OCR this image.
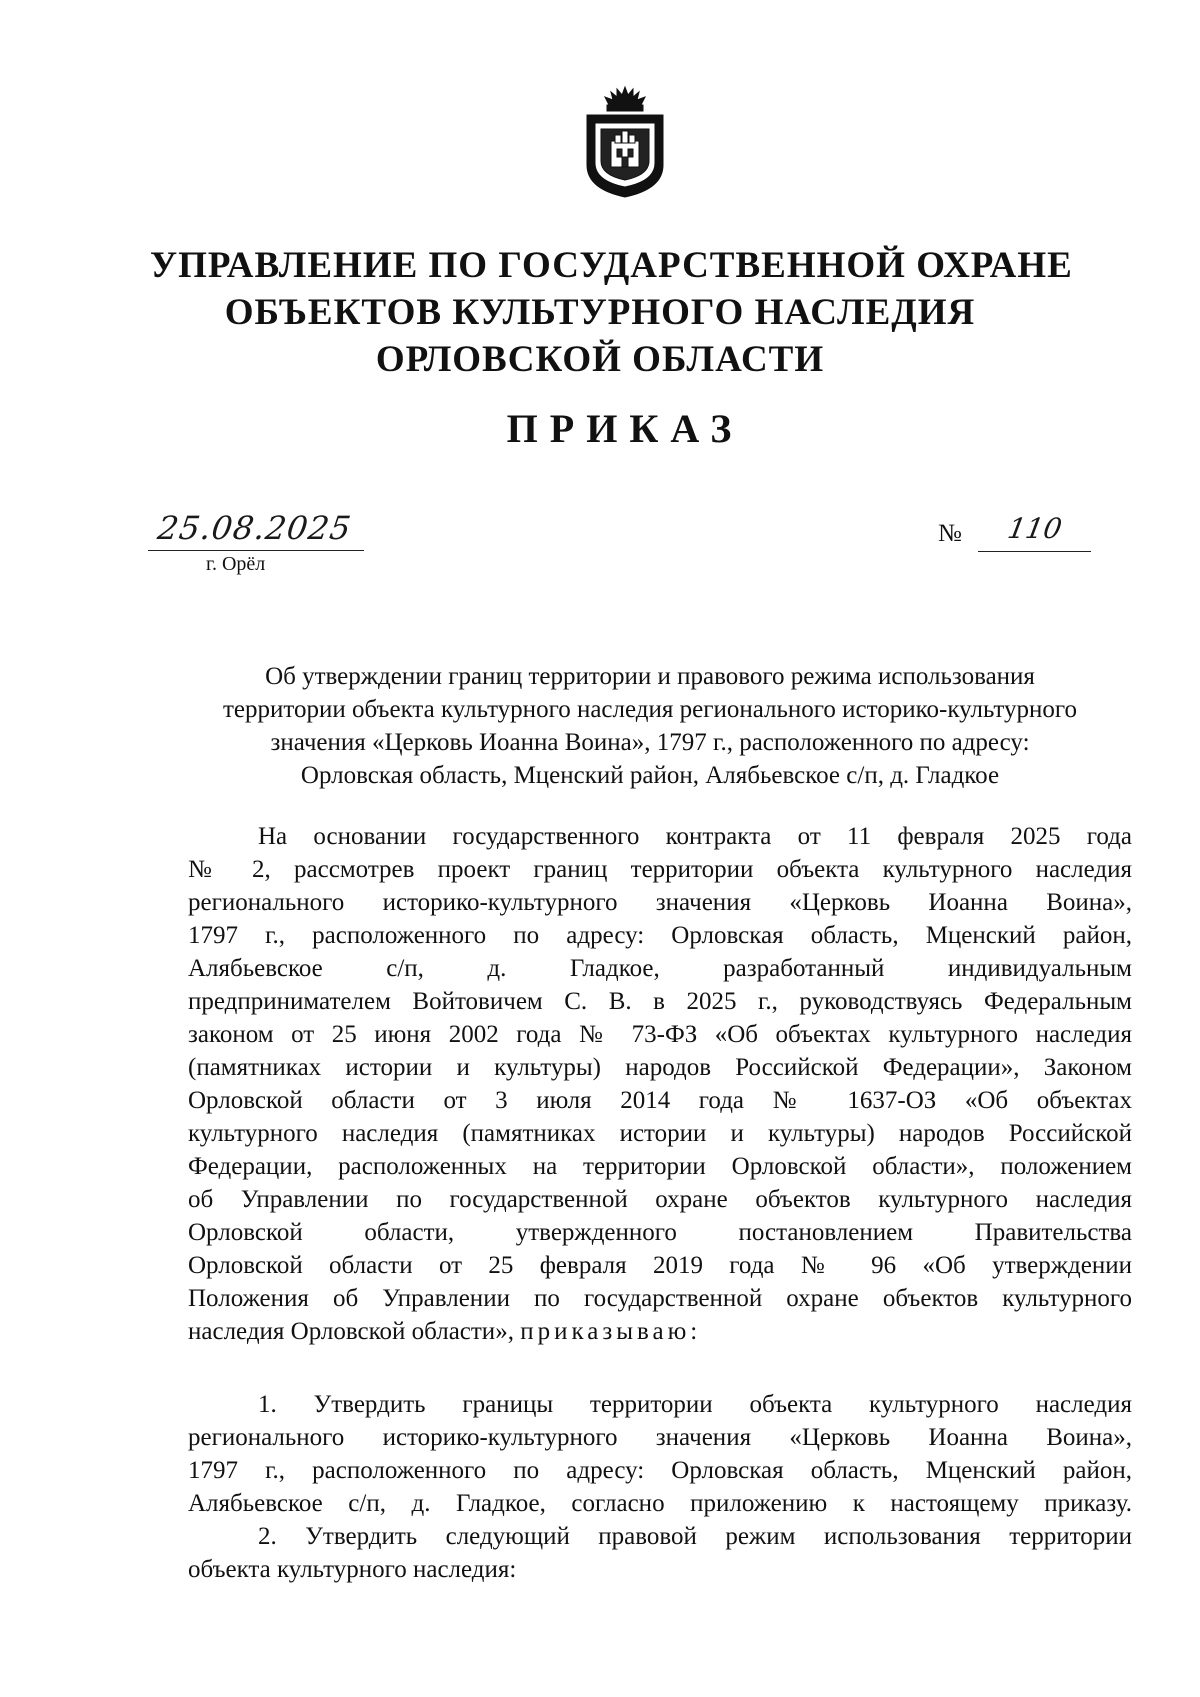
УПРАВЛЕНИЕ ПО ГОСУДАРСТВЕННОЙ ОХРАНЕ
ОБЪЕКТОВ КУЛЬТУРНОГО НАСЛЕДИЯ
ОРЛОВСКОЙ ОБЛАСТИ
ПРИКАЗ
25.08.2025
г. Орёл
№ 110
Об утверждении границ территории и правового режима использования
территории объекта культурного наследия регионального историко-культурного
значения «Церковь Иоанна Воина», 1797 г., расположенного по адресу:
Орловская область, Мценский район, Алябьевское с/п, д. Гладкое
На основании государственного контракта от 11 февраля 2025 года
№ 2, рассмотрев проект границ территории объекта культурного наследия
регионального историко-культурного значения «Церковь Иоанна Воина»,
1797 г., расположенного по адресу: Орловская область, Мценский район,
Алябьевское с/п, д. Гладкое, разработанный индивидуальным
предпринимателем Войтовичем С. В. в 2025 г., руководствуясь Федеральным
законом от 25 июня 2002 года № 73-ФЗ «Об объектах культурного наследия
(памятниках истории и культуры) народов Российской Федерации», Законом
Орловской области от 3 июля 2014 года № 1637-ОЗ «Об объектах
культурного наследия (памятниках истории и культуры) народов Российской
Федерации, расположенных на территории Орловской области», положением
об Управлении по государственной охране объектов культурного наследия
Орловской области, утвержденного постановлением Правительства
Орловской области от 25 февраля 2019 года № 96 «Об утверждении
Положения об Управлении по государственной охране объектов культурного
наследия Орловской области», приказываю:
1. Утвердить границы территории объекта культурного наследия
регионального историко-культурного значения «Церковь Иоанна Воина»,
1797 г., расположенного по адресу: Орловская область, Мценский район,
Алябьевское с/п, д. Гладкое, согласно приложению к настоящему приказу.
2. Утвердить следующий правовой режим использования территории
объекта культурного наследия:
